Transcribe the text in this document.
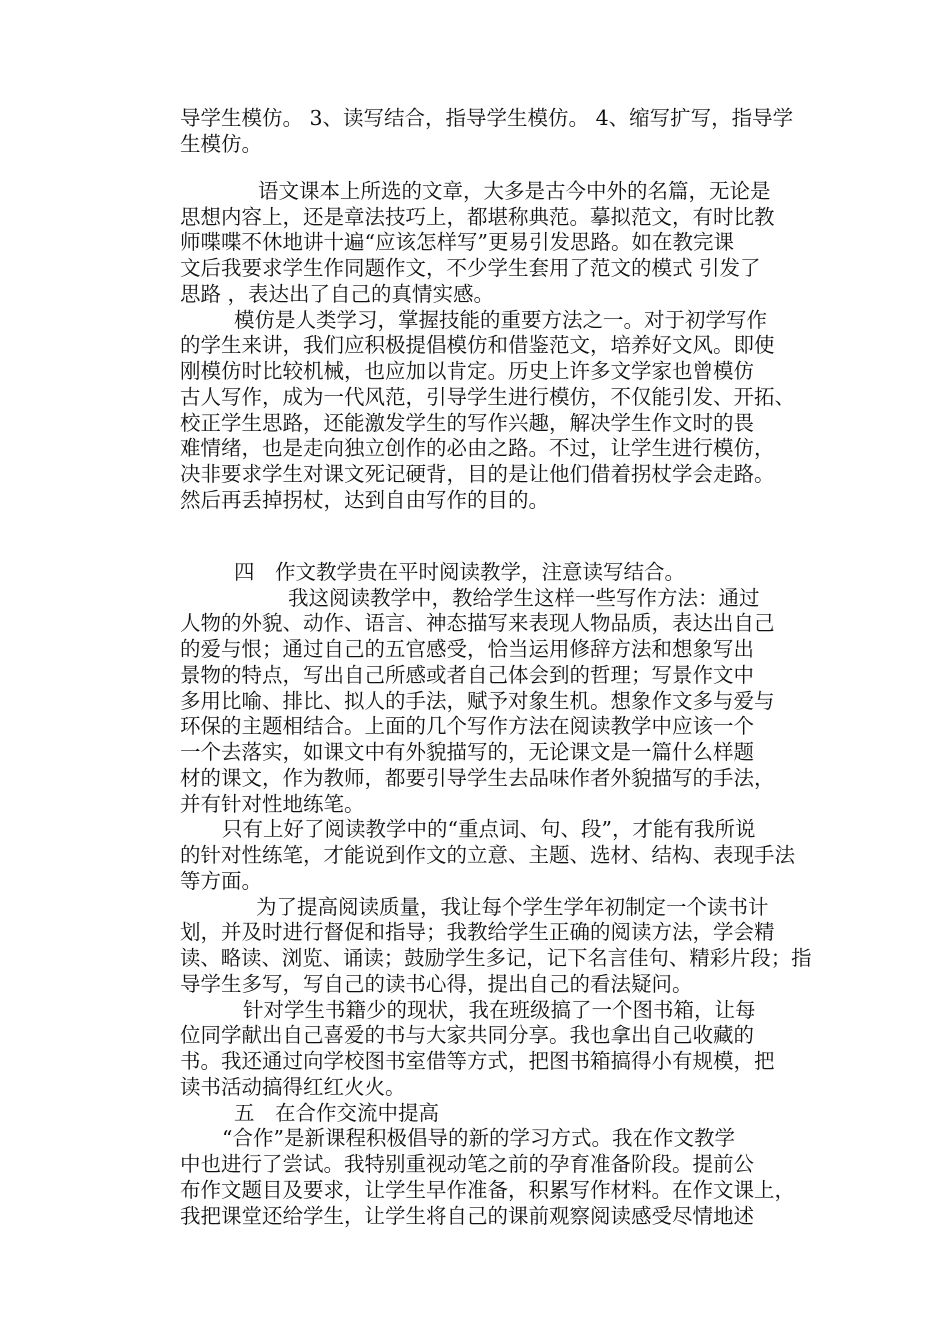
导学生模仿。 3、读写结合，指导学生模仿。 4、缩写扩写，指导学
生模仿。
语文课本上所选的文章，大多是古今中外的名篇，无论是
思想内容上，还是章法技巧上，都堪称典范。摹拟范文，有时比教
师喋喋不休地讲十遍“应该怎样写”更易引发思路。如在教完课
文后我要求学生作同题作文，不少学生套用了范文的模式 引发了
思路 ，表达出了自己的真情实感。
模仿是人类学习，掌握技能的重要方法之一。对于初学写作
的学生来讲，我们应积极提倡模仿和借鉴范文，培养好文风。即使
刚模仿时比较机械，也应加以肯定。历史上许多文学家也曾模仿
古人写作，成为一代风范，引导学生进行模仿，不仅能引发、开拓、
校正学生思路，还能激发学生的写作兴趣，解决学生作文时的畏
难情绪，也是走向独立创作的必由之路。不过，让学生进行模仿，
决非要求学生对课文死记硬背，目的是让他们借着拐杖学会走路。
然后再丢掉拐杖，达到自由写作的目的。
四　作文教学贵在平时阅读教学，注意读写结合。
我这阅读教学中，教给学生这样一些写作方法：通过
人物的外貌、动作、语言、神态描写来表现人物品质，表达出自己
的爱与恨；通过自己的五官感受，恰当运用修辞方法和想象写出
景物的特点，写出自己所感或者自己体会到的哲理；写景作文中
多用比喻、排比、拟人的手法，赋予对象生机。想象作文多与爱与
环保的主题相结合。上面的几个写作方法在阅读教学中应该一个
一个去落实，如课文中有外貌描写的，无论课文是一篇什么样题
材的课文，作为教师，都要引导学生去品味作者外貌描写的手法，
并有针对性地练笔。
只有上好了阅读教学中的“重点词、句、段”，才能有我所说
的针对性练笔，才能说到作文的立意、主题、选材、结构、表现手法
等方面。
为了提高阅读质量，我让每个学生学年初制定一个读书计
划，并及时进行督促和指导；我教给学生正确的阅读方法，学会精
读、略读、浏览、诵读；鼓励学生多记，记下名言佳句、精彩片段；指
导学生多写，写自己的读书心得，提出自己的看法疑问。
针对学生书籍少的现状，我在班级搞了一个图书箱，让每
位同学献出自己喜爱的书与大家共同分享。我也拿出自己收藏的
书。我还通过向学校图书室借等方式，把图书箱搞得小有规模，把
读书活动搞得红红火火。
五　在合作交流中提高
“合作”是新课程积极倡导的新的学习方式。我在作文教学
中也进行了尝试。我特别重视动笔之前的孕育准备阶段。提前公
布作文题目及要求，让学生早作准备，积累写作材料。在作文课上，
我把课堂还给学生，让学生将自己的课前观察阅读感受尽情地述
